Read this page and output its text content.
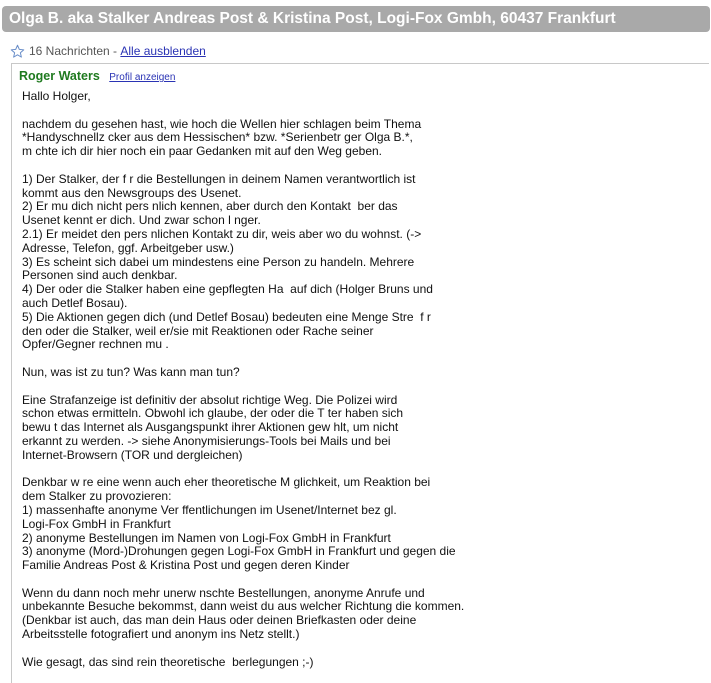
Olga B. aka Stalker Andreas Post & Kristina Post, Logi-Fox Gmbh, 60437 Frankfurt
16 Nachrichten - Alle ausblenden
Roger Waters Profil anzeigen

Hallo Holger,

nachdem du gesehen hast, wie hoch die Wellen hier schlagen beim Thema
*Handyschnellz cker aus dem Hessischen* bzw. *Serienbetr ger Olga B.*,
m chte ich dir hier noch ein paar Gedanken mit auf den Weg geben.

1) Der Stalker, der f r die Bestellungen in deinem Namen verantwortlich ist
kommt aus den Newsgroups des Usenet.
2) Er mu dich nicht pers nlich kennen, aber durch den Kontakt  ber das
Usenet kennt er dich. Und zwar schon l nger.
2.1) Er meidet den pers nlichen Kontakt zu dir, weis aber wo du wohnst. (->
Adresse, Telefon, ggf. Arbeitgeber usw.)
3) Es scheint sich dabei um mindestens eine Person zu handeln. Mehrere
Personen sind auch denkbar.
4) Der oder die Stalker haben eine gepflegten Ha  auf dich (Holger Bruns und
auch Detlef Bosau).
5) Die Aktionen gegen dich (und Detlef Bosau) bedeuten eine Menge Stre  f r
den oder die Stalker, weil er/sie mit Reaktionen oder Rache seiner
Opfer/Gegner rechnen mu .

Nun, was ist zu tun? Was kann man tun?

Eine Strafanzeige ist definitiv der absolut richtige Weg. Die Polizei wird
schon etwas ermitteln. Obwohl ich glaube, der oder die T ter haben sich
bewu t das Internet als Ausgangspunkt ihrer Aktionen gew hlt, um nicht
erkannt zu werden. -> siehe Anonymisierungs-Tools bei Mails und bei
Internet-Browsern (TOR und dergleichen)

Denkbar w re eine wenn auch eher theoretische M glichkeit, um Reaktion bei
dem Stalker zu provozieren:
1) massenhafte anonyme Ver ffentlichungen im Usenet/Internet bez gl.
Logi-Fox GmbH in Frankfurt
2) anonyme Bestellungen im Namen von Logi-Fox GmbH in Frankfurt
3) anonyme (Mord-)Drohungen gegen Logi-Fox GmbH in Frankfurt und gegen die
Familie Andreas Post & Kristina Post und gegen deren Kinder

Wenn du dann noch mehr unerw nschte Bestellungen, anonyme Anrufe und
unbekannte Besuche bekommst, dann weist du aus welcher Richtung die kommen.
(Denkbar ist auch, das man dein Haus oder deinen Briefkasten oder deine
Arbeitsstelle fotografiert und anonym ins Netz stellt.)

Wie gesagt, das sind rein theoretische  berlegungen ;-)
